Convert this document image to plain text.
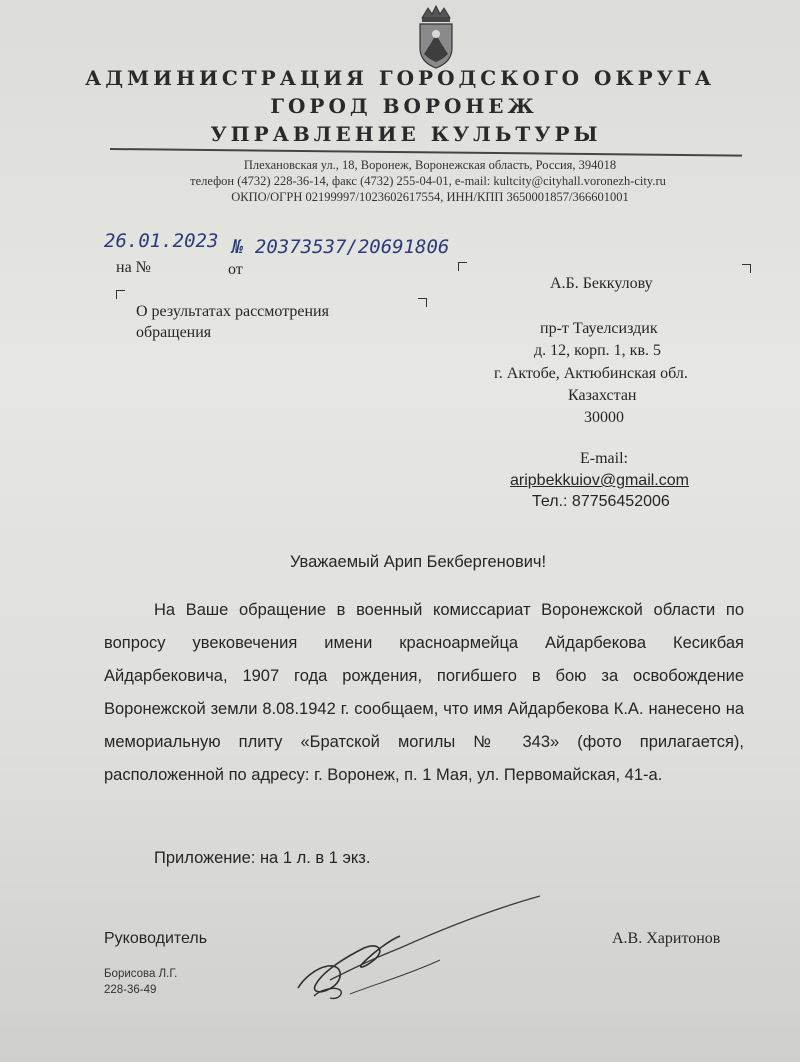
АДМИНИСТРАЦИЯ ГОРОДСКОГО ОКРУГА
ГОРОД ВОРОНЕЖ
УПРАВЛЕНИЕ КУЛЬТУРЫ
Плехановская ул., 18, Воронеж, Воронежская область, Россия, 394018
телефон (4732) 228-36-14, факс (4732) 255-04-01, e-mail: kultcity@cityhall.voronezh-city.ru
ОКПО/ОГРН 02199997/1023602617554, ИНН/КПП 3650001857/366601001
26.01.2023 № 20373537/20691806
на №	от
О результатах рассмотрения
обращения
А.Б. Беккулову
пр-т Тауелсиздик
д. 12, корп. 1, кв. 5
г. Актобе, Актюбинская обл.
Казахстан
30000
E-mail:
aripbekkuiov@gmail.com
Тел.: 87756452006
Уважаемый Арип Бекбергенович!
На Ваше обращение в военный комиссариат Воронежской области по вопросу увековечения имени красноармейца Айдарбекова Кесикбая Айдарбековича, 1907 года рождения, погибшего в бою за освобождение Воронежской земли 8.08.1942 г. сообщаем, что имя Айдарбекова К.А. нанесено на мемориальную плиту «Братской могилы № 343» (фото прилагается), расположенной по адресу: г. Воронеж, п. 1 Мая, ул. Первомайская, 41-а.
Приложение: на 1 л. в 1 экз.
Руководитель	А.В. Харитонов
Борисова Л.Г.
228-36-49
